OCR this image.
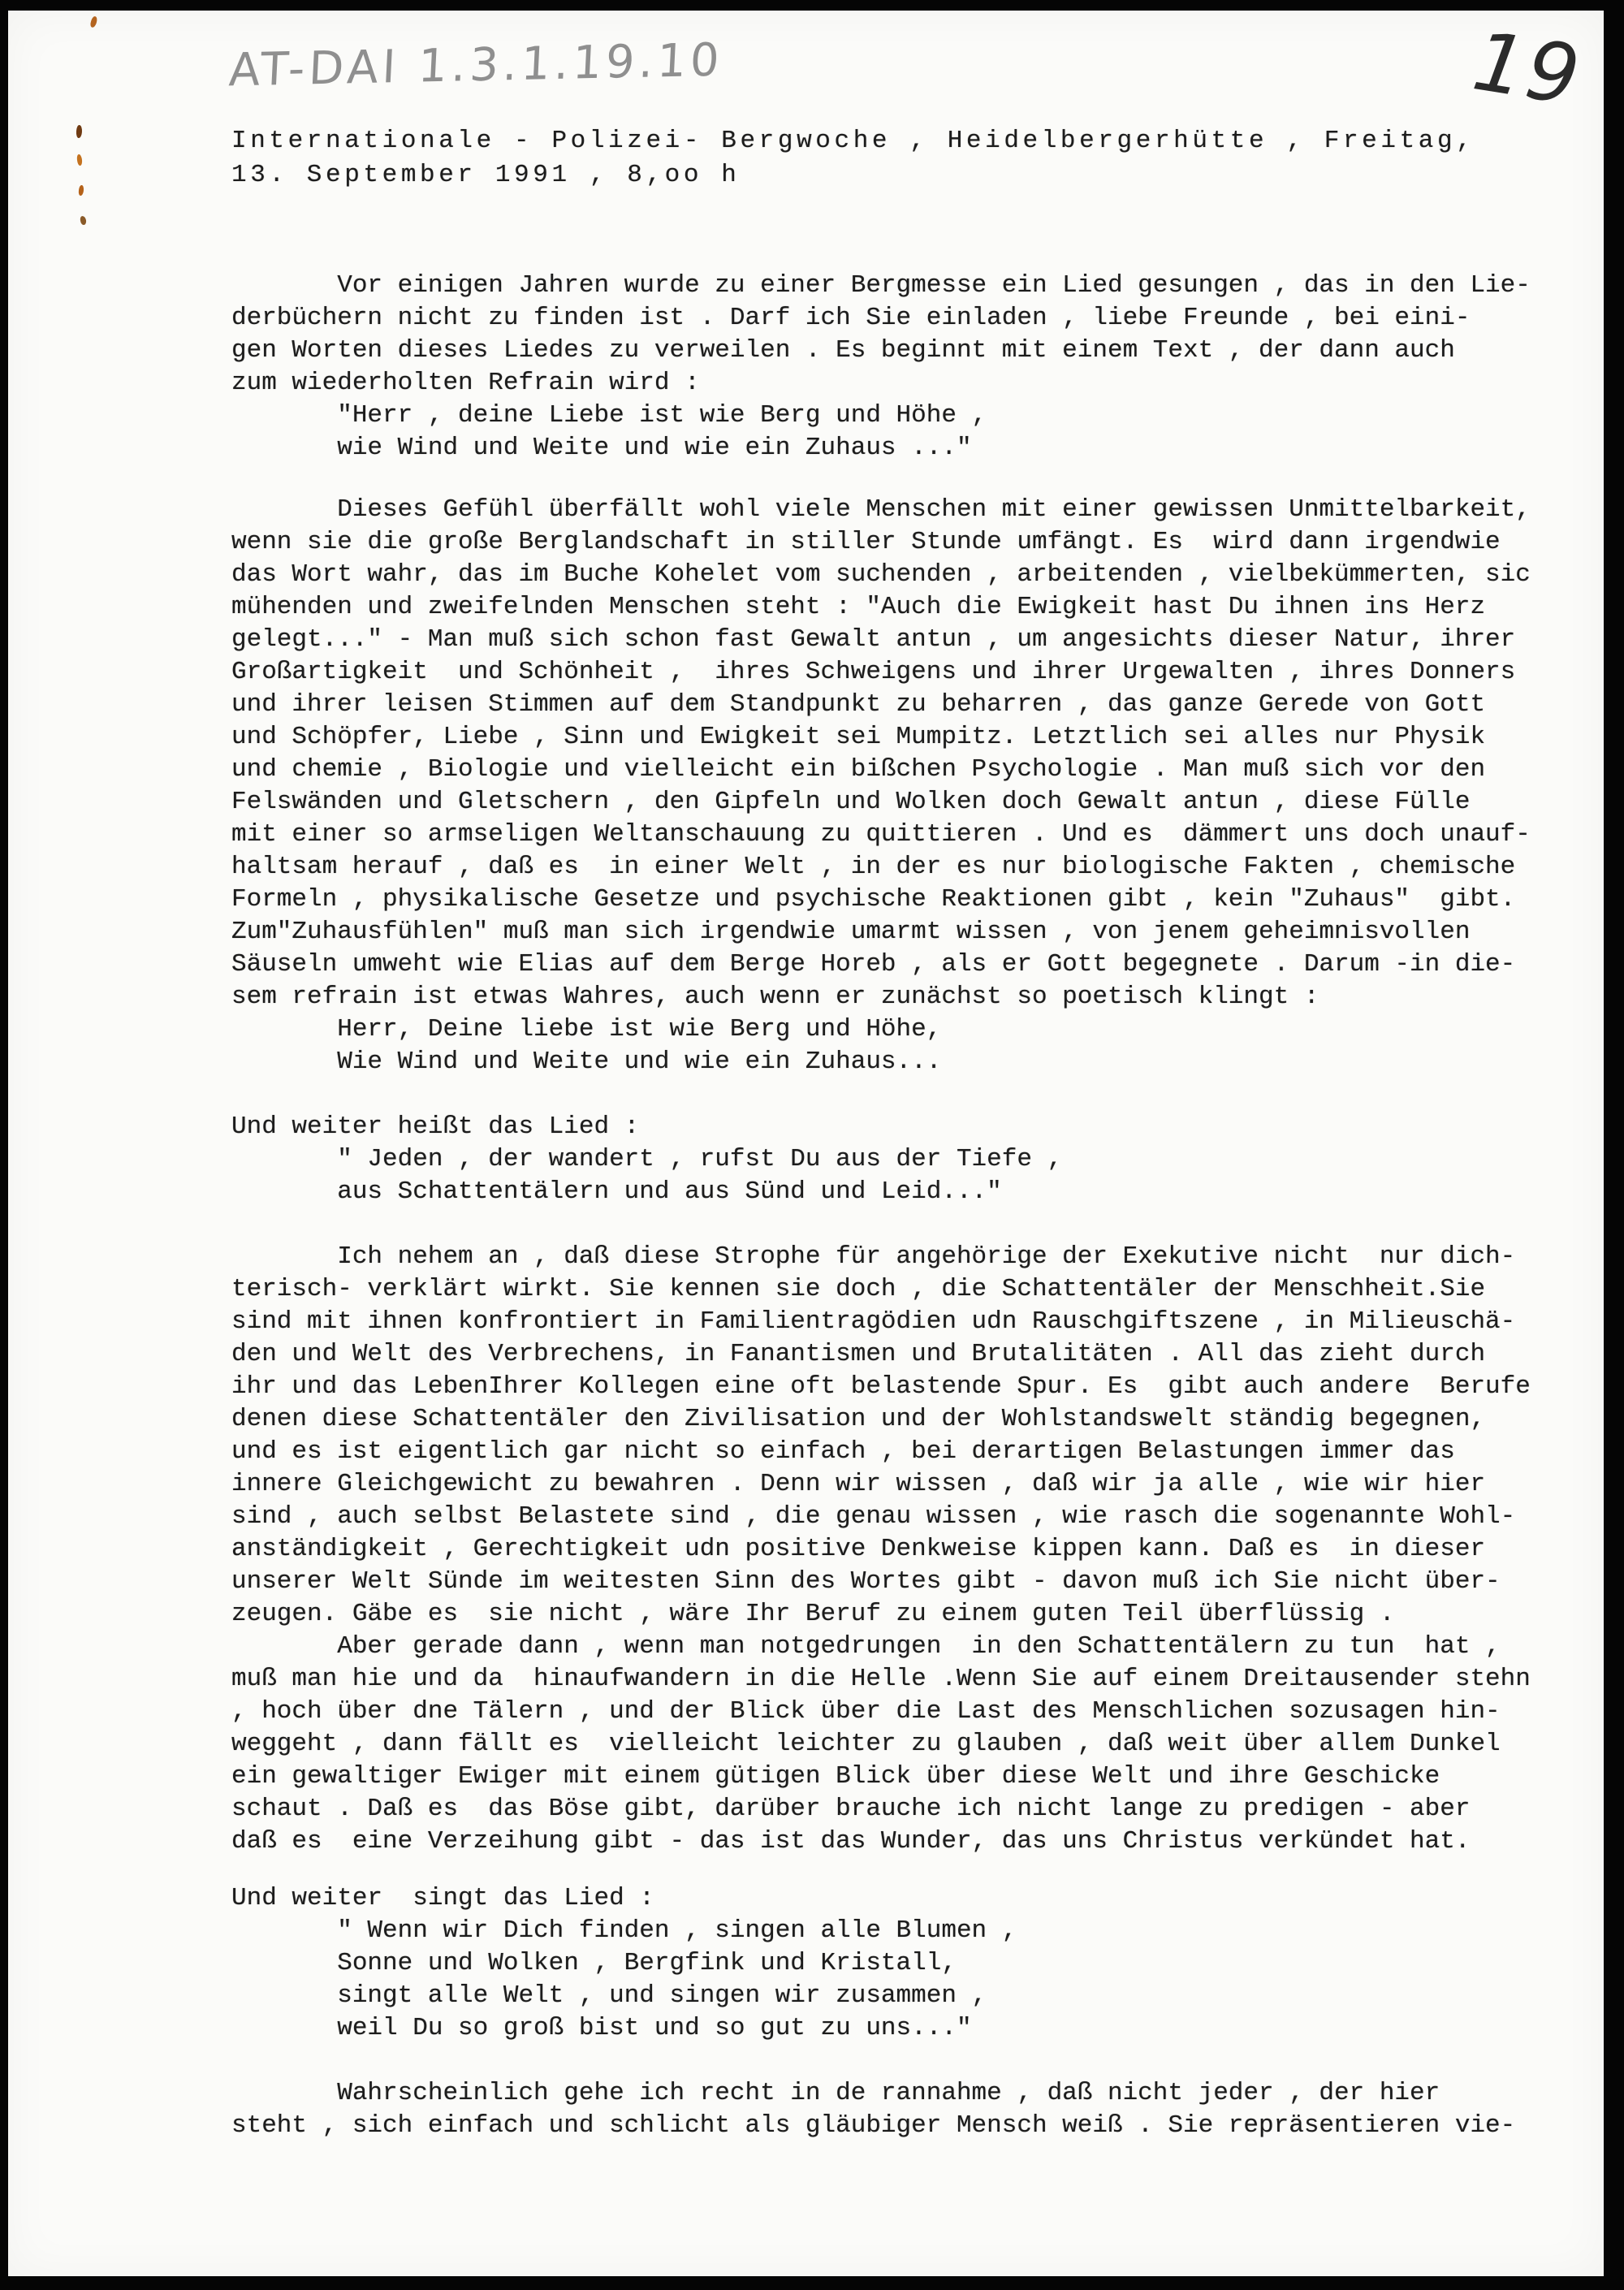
AT-DAI 1.3.1.19.10	19
Internationale - Polizei- Bergwoche , Heidelbergerhütte , Freitag,
13. September 1991 , 8,oo h
Vor einigen Jahren wurde zu einer Bergmesse ein Lied gesungen , das in den Lie-
derbüchern nicht zu finden ist . Darf ich Sie einladen , liebe Freunde , bei eini-
gen Worten dieses Liedes zu verweilen . Es beginnt mit einem Text , der dann auch
zum wiederholten Refrain wird :
"Herr , deine Liebe ist wie Berg und Höhe ,
wie Wind und Weite und wie ein Zuhaus ..."
Dieses Gefühl überfällt wohl viele Menschen mit einer gewissen Unmittelbarkeit,
wenn sie die große Berglandschaft in stiller Stunde umfängt. Es  wird dann irgendwie
das Wort wahr, das im Buche Kohelet vom suchenden , arbeitenden , vielbekümmerten, sic
mühenden und zweifelnden Menschen steht : "Auch die Ewigkeit hast Du ihnen ins Herz
gelegt..." - Man muß sich schon fast Gewalt antun , um angesichts dieser Natur, ihrer
Großartigkeit  und Schönheit ,  ihres Schweigens und ihrer Urgewalten , ihres Donners
und ihrer leisen Stimmen auf dem Standpunkt zu beharren , das ganze Gerede von Gott
und Schöpfer, Liebe , Sinn und Ewigkeit sei Mumpitz. Letztlich sei alles nur Physik
und chemie , Biologie und vielleicht ein bißchen Psychologie . Man muß sich vor den
Felswänden und Gletschern , den Gipfeln und Wolken doch Gewalt antun , diese Fülle
mit einer so armseligen Weltanschauung zu quittieren . Und es  dämmert uns doch unauf-
haltsam herauf , daß es  in einer Welt , in der es nur biologische Fakten , chemische
Formeln , physikalische Gesetze und psychische Reaktionen gibt , kein "Zuhaus"  gibt.
Zum"Zuhausfühlen" muß man sich irgendwie umarmt wissen , von jenem geheimnisvollen
Säuseln umweht wie Elias auf dem Berge Horeb , als er Gott begegnete . Darum -in die-
sem refrain ist etwas Wahres, auch wenn er zunächst so poetisch klingt :
Herr, Deine liebe ist wie Berg und Höhe,
Wie Wind und Weite und wie ein Zuhaus...
Und weiter heißt das Lied :
" Jeden , der wandert , rufst Du aus der Tiefe ,
aus Schattentälern und aus Sünd und Leid..."
Ich nehem an , daß diese Strophe für angehörige der Exekutive nicht  nur dich-
terisch- verklärt wirkt. Sie kennen sie doch , die Schattentäler der Menschheit.Sie
sind mit ihnen konfrontiert in Familientragödien udn Rauschgiftszene , in Milieuschä-
den und Welt des Verbrechens, in Fanantismen und Brutalitäten . All das zieht durch
ihr und das LebenIhrer Kollegen eine oft belastende Spur. Es  gibt auch andere  Berufe
denen diese Schattentäler den Zivilisation und der Wohlstandswelt ständig begegnen,
und es ist eigentlich gar nicht so einfach , bei derartigen Belastungen immer das
innere Gleichgewicht zu bewahren . Denn wir wissen , daß wir ja alle , wie wir hier
sind , auch selbst Belastete sind , die genau wissen , wie rasch die sogenannte Wohl-
anständigkeit , Gerechtigkeit udn positive Denkweise kippen kann. Daß es  in dieser
unserer Welt Sünde im weitesten Sinn des Wortes gibt - davon muß ich Sie nicht über-
zeugen. Gäbe es  sie nicht , wäre Ihr Beruf zu einem guten Teil überflüssig .
Aber gerade dann , wenn man notgedrungen  in den Schattentälern zu tun  hat ,
muß man hie und da  hinaufwandern in die Helle .Wenn Sie auf einem Dreitausender stehn
, hoch über dne Tälern , und der Blick über die Last des Menschlichen sozusagen hin-
weggeht , dann fällt es  vielleicht leichter zu glauben , daß weit über allem Dunkel
ein gewaltiger Ewiger mit einem gütigen Blick über diese Welt und ihre Geschicke
schaut . Daß es  das Böse gibt, darüber brauche ich nicht lange zu predigen - aber
daß es  eine Verzeihung gibt - das ist das Wunder, das uns Christus verkündet hat.
Und weiter  singt das Lied :
" Wenn wir Dich finden , singen alle Blumen ,
Sonne und Wolken , Bergfink und Kristall,
singt alle Welt , und singen wir zusammen ,
weil Du so groß bist und so gut zu uns..."
Wahrscheinlich gehe ich recht in de rannahme , daß nicht jeder , der hier
steht , sich einfach und schlicht als gläubiger Mensch weiß . Sie repräsentieren vie-
